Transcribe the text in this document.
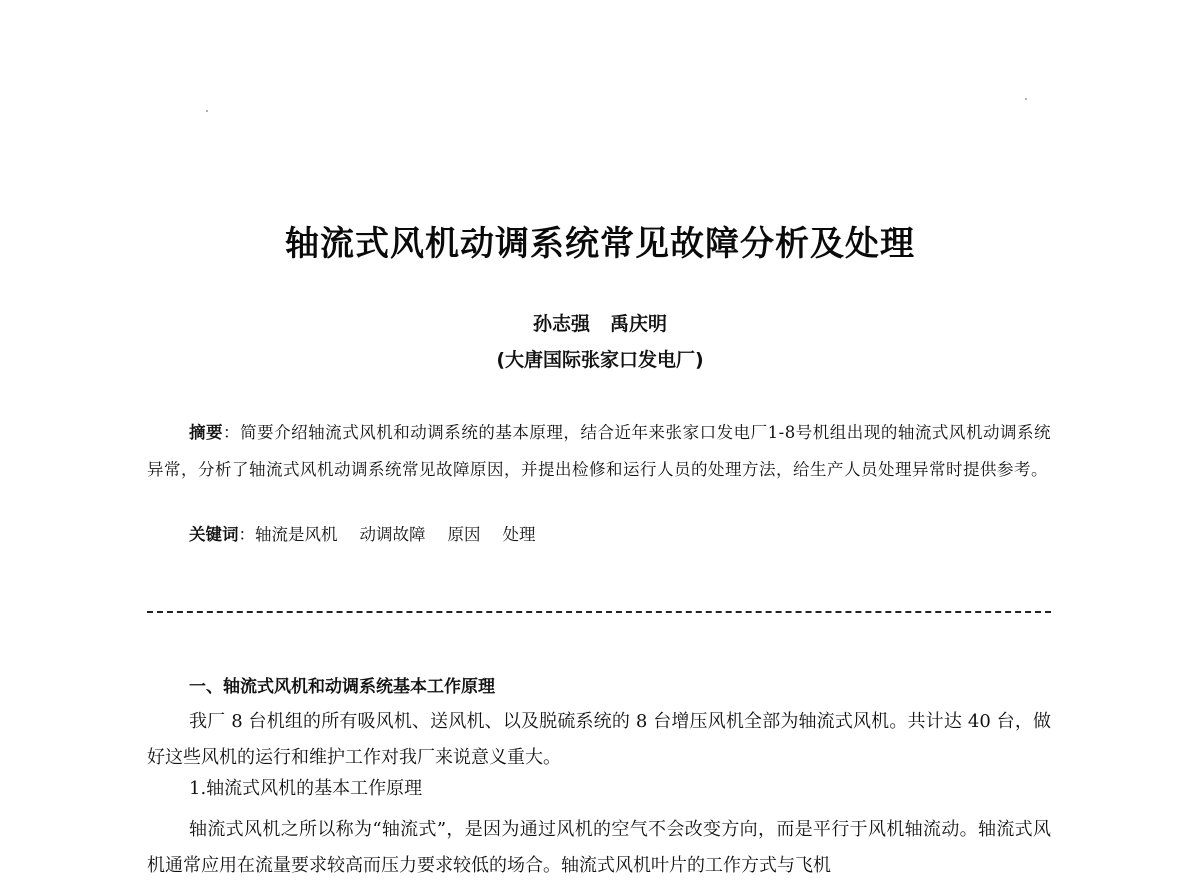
轴流式风机动调系统常见故障分析及处理
孙志强 禹庆明
(大唐国际张家口发电厂)

摘要：简要介绍轴流式风机和动调系统的基本原理，结合近年来张家口发电厂1-8号机组出现的轴流式风机动调系统异常，分析了轴流式风机动调系统常见故障原因，并提出检修和运行人员的处理方法，给生产人员处理异常时提供参考。

关键词：轴流是风机 动调故障 原因 处理
一、轴流式风机和动调系统基本工作原理

我厂 8 台机组的所有吸风机、送风机、以及脱硫系统的 8 台增压风机全部为轴流式风机。共计达 40 台，做好这些风机的运行和维护工作对我厂来说意义重大。

1.轴流式风机的基本工作原理

轴流式风机之所以称为“轴流式”，是因为通过风机的空气不会改变方向，而是平行于风机轴流动。轴流式风机通常应用在流量要求较高而压力要求较低的场合。轴流式风机叶片的工作方式与飞机
